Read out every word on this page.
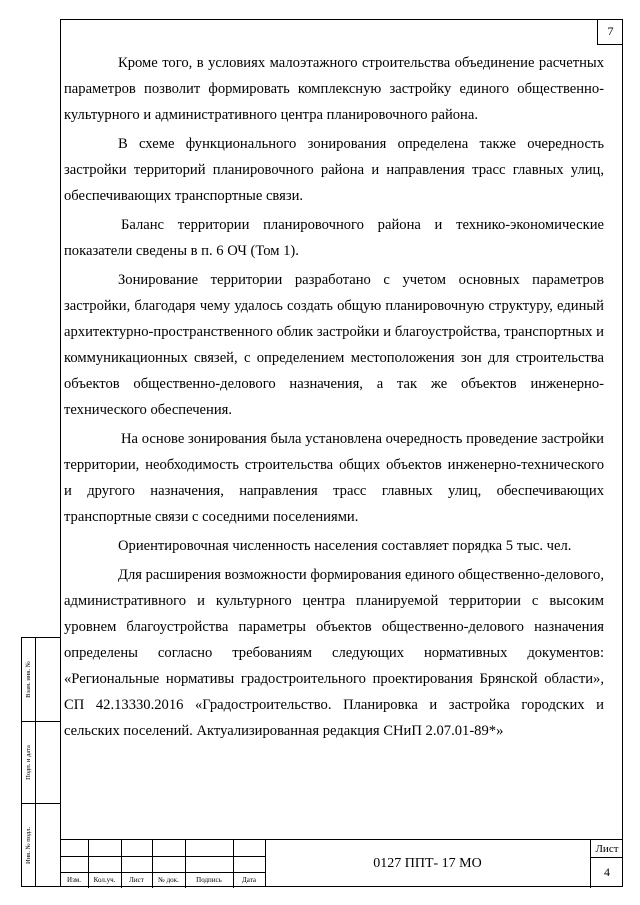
7

Кроме того, в условиях малоэтажного строительства объединение расчетных параметров позволит формировать комплексную застройку единого общественно-культурного и административного центра планировочного района.

В схеме функционального зонирования определена также очередность застройки территорий планировочного района и направления трасс главных улиц, обеспечивающих транспортные связи.

Баланс территории планировочного района и технико-экономические показатели сведены в п. 6 ОЧ (Том 1).

Зонирование территории разработано с учетом основных параметров застройки, благодаря чему удалось создать общую планировочную структуру, единый архитектурно-пространственного облик застройки и благоустройства, транспортных и коммуникационных связей, с определением местоположения зон для строительства объектов общественно-делового назначения, а так же объектов инженерно-технического обеспечения.

На основе зонирования была установлена очередность проведение застройки территории, необходимость строительства общих объектов инженерно-технического и другого назначения, направления трасс главных улиц, обеспечивающих транспортные связи с соседними поселениями.

Ориентировочная численность населения составляет порядка 5 тыс. чел.

Для расширения возможности формирования единого общественно-делового, административного и культурного центра планируемой территории с высоким уровнем благоустройства параметры объектов общественно-делового назначения определены согласно требованиям следующих нормативных документов: «Региональные нормативы градостроительного проектирования Брянской области», СП 42.13330.2016 «Градостроительство. Планировка и застройка городских и сельских поселений. Актуализированная редакция СНиП 2.07.01-89*»

Взам. инв. №
Подп. и дата
Инв. № подл.
Изм.	Кол.уч.	Лист	№ док.	Подпись	Дата
0127 ППТ- 17 МО
Лист
4
